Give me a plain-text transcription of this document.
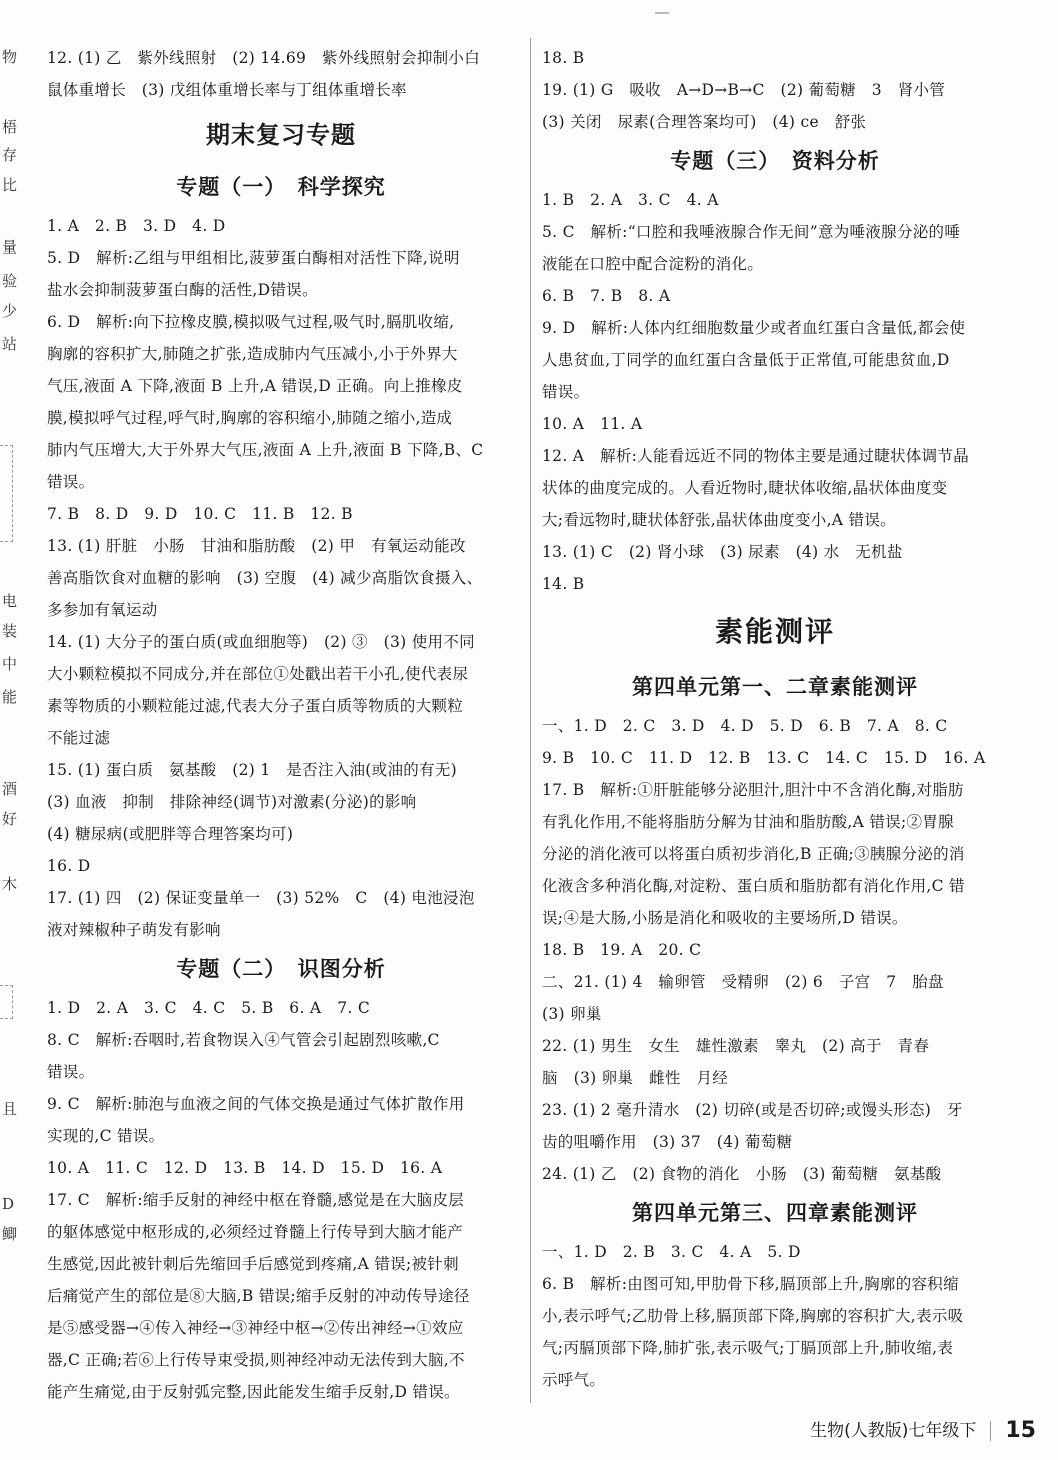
物
梧
存
比
量
验
少
站
电
装
中
能
酒
好
木
且
D
鲫
12. (1) 乙　紫外线照射　(2) 14.69　紫外线照射会抑制小白
鼠体重增长　(3) 戊组体重增长率与丁组体重增长率
期末复习专题
专题（一）　科学探究
1. A　2. B　3. D　4. D
5. D　解析:乙组与甲组相比,菠萝蛋白酶相对活性下降,说明
盐水会抑制菠萝蛋白酶的活性,D错误。
6. D　解析:向下拉橡皮膜,模拟吸气过程,吸气时,膈肌收缩,
胸廓的容积扩大,肺随之扩张,造成肺内气压减小,小于外界大
气压,液面 A 下降,液面 B 上升,A 错误,D 正确。向上推橡皮
膜,模拟呼气过程,呼气时,胸廓的容积缩小,肺随之缩小,造成
肺内气压增大,大于外界大气压,液面 A 上升,液面 B 下降,B、C
错误。
7. B　8. D　9. D　10. C　11. B　12. B
13. (1) 肝脏　小肠　甘油和脂肪酸　(2) 甲　有氧运动能改
善高脂饮食对血糖的影响　(3) 空腹　(4) 减少高脂饮食摄入、
多参加有氧运动
14. (1) 大分子的蛋白质(或血细胞等)　(2) ③　(3) 使用不同
大小颗粒模拟不同成分,并在部位①处戳出若干小孔,使代表尿
素等物质的小颗粒能过滤,代表大分子蛋白质等物质的大颗粒
不能过滤
15. (1) 蛋白质　氨基酸　(2) 1　是否注入油(或油的有无)
(3) 血液　抑制　排除神经(调节)对激素(分泌)的影响
(4) 糖尿病(或肥胖等合理答案均可)
16. D
17. (1) 四　(2) 保证变量单一　(3) 52%　C　(4) 电池浸泡
液对辣椒种子萌发有影响
专题（二）　识图分析
1. D　2. A　3. C　4. C　5. B　6. A　7. C
8. C　解析:吞咽时,若食物误入④气管会引起剧烈咳嗽,C
错误。
9. C　解析:肺泡与血液之间的气体交换是通过气体扩散作用
实现的,C 错误。
10. A　11. C　12. D　13. B　14. D　15. D　16. A
17. C　解析:缩手反射的神经中枢在脊髓,感觉是在大脑皮层
的躯体感觉中枢形成的,必须经过脊髓上行传导到大脑才能产
生感觉,因此被针刺后先缩回手后感觉到疼痛,A 错误;被针刺
后痛觉产生的部位是⑧大脑,B 错误;缩手反射的冲动传导途径
是⑤感受器→④传入神经→③神经中枢→②传出神经→①效应
器,C 正确;若⑥上行传导束受损,则神经冲动无法传到大脑,不
能产生痛觉,由于反射弧完整,因此能发生缩手反射,D 错误。
18. B
19. (1) G　吸收　A→D→B→C　(2) 葡萄糖　3　肾小管
(3) 关闭　尿素(合理答案均可)　(4) ce　舒张
专题（三）　资料分析
1. B　2. A　3. C　4. A
5. C　解析:“口腔和我唾液腺合作无间”意为唾液腺分泌的唾
液能在口腔中配合淀粉的消化。
6. B　7. B　8. A
9. D　解析:人体内红细胞数量少或者血红蛋白含量低,都会使
人患贫血,丁同学的血红蛋白含量低于正常值,可能患贫血,D
错误。
10. A　11. A
12. A　解析:人能看远近不同的物体主要是通过睫状体调节晶
状体的曲度完成的。人看近物时,睫状体收缩,晶状体曲度变
大;看远物时,睫状体舒张,晶状体曲度变小,A 错误。
13. (1) C　(2) 肾小球　(3) 尿素　(4) 水　无机盐
14. B
素能测评
第四单元第一、二章素能测评
一、1. D　2. C　3. D　4. D　5. D　6. B　7. A　8. C
9. B　10. C　11. D　12. B　13. C　14. C　15. D　16. A
17. B　解析:①肝脏能够分泌胆汁,胆汁中不含消化酶,对脂肪
有乳化作用,不能将脂肪分解为甘油和脂肪酸,A 错误;②胃腺
分泌的消化液可以将蛋白质初步消化,B 正确;③胰腺分泌的消
化液含多种消化酶,对淀粉、蛋白质和脂肪都有消化作用,C 错
误;④是大肠,小肠是消化和吸收的主要场所,D 错误。
18. B　19. A　20. C
二、21. (1) 4　输卵管　受精卵　(2) 6　子宫　7　胎盘
(3) 卵巢
22. (1) 男生　女生　雄性激素　睾丸　(2) 高于　青春
脑　(3) 卵巢　雌性　月经
23. (1) 2 毫升清水　(2) 切碎(或是否切碎;或馒头形态)　牙
齿的咀嚼作用　(3) 37　(4) 葡萄糖
24. (1) 乙　(2) 食物的消化　小肠　(3) 葡萄糖　氨基酸
第四单元第三、四章素能测评
一、1. D　2. B　3. C　4. A　5. D
6. B　解析:由图可知,甲肋骨下移,膈顶部上升,胸廓的容积缩
小,表示呼气;乙肋骨上移,膈顶部下降,胸廓的容积扩大,表示吸
气;丙膈顶部下降,肺扩张,表示吸气;丁膈顶部上升,肺收缩,表
示呼气。
生物(人教版)七年级下 15
